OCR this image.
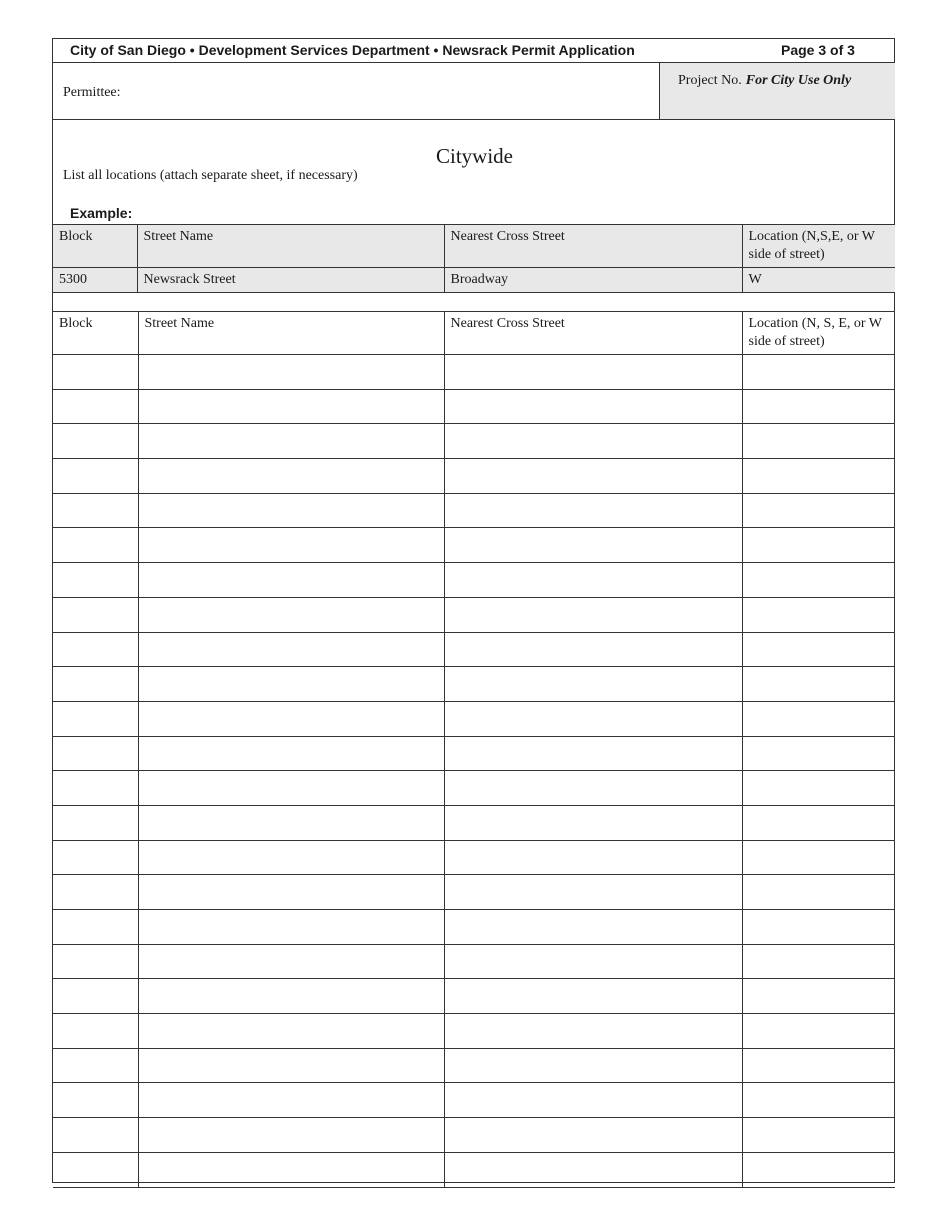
City of San Diego • Development Services Department • Newsrack Permit Application	Page 3 of 3
Permittee:
Project No. For City Use Only
Citywide
List all locations (attach separate sheet, if necessary)
Example:
Block	Street Name	Nearest Cross Street	Location (N,S,E, or W side of street)
5300	Newsrack Street	Broadway	W
Block	Street Name	Nearest Cross Street	Location (N, S, E, or W side of street)
